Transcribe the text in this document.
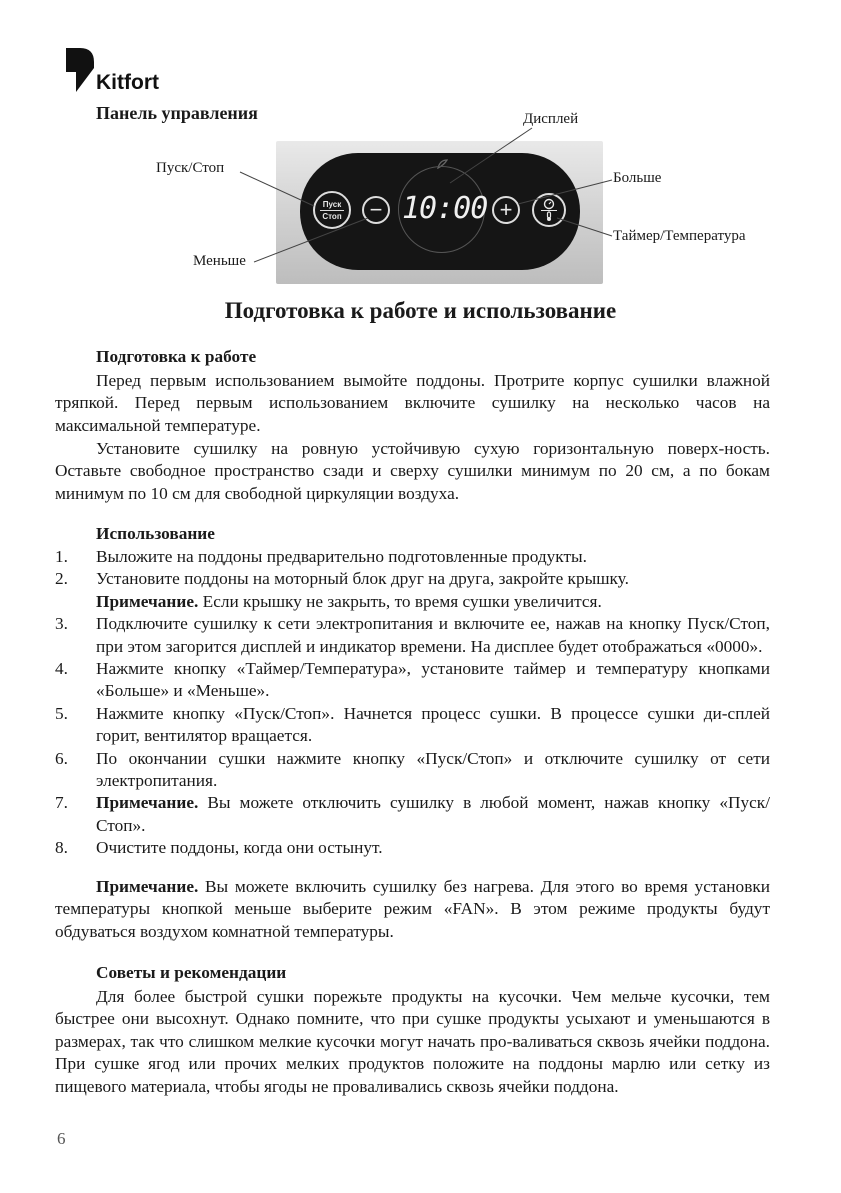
Kitfort
Панель управления
Пуск
Стоп − 10:00 +
Дисплей
Пуск/Стоп
Больше
Таймер/Температура
Меньше
Подготовка к работе и использование
Подготовка к работе

Перед первым использованием вымойте поддоны. Протрите корпус сушилки влажной тряпкой. Перед первым использованием включите сушилку на несколько часов на максимальной температуре.

Установите сушилку на ровную устойчивую сухую горизонтальную поверх-ность. Оставьте свободное пространство сзади и сверху сушилки минимум по 20 см, а по бокам минимум по 10 см для свободной циркуляции воздуха.

Использование
1. Выложите на поддоны предварительно подготовленные продукты.
2. Установите поддоны на моторный блок друг на друга, закройте крышку.
Примечание. Если крышку не закрыть, то время сушки увеличится.
3. Подключите сушилку к сети электропитания и включите ее, нажав на кнопку Пуск/Стоп, при этом загорится дисплей и индикатор времени. На дисплее будет отображаться «0000».
4. Нажмите кнопку «Таймер/Температура», установите таймер и температуру кнопками «Больше» и «Меньше».
5. Нажмите кнопку «Пуск/Стоп». Начнется процесс сушки. В процессе сушки ди-сплей горит, вентилятор вращается.
6. По окончании сушки нажмите кнопку «Пуск/Стоп» и отключите сушилку от сети электропитания.
7. Примечание. Вы можете отключить сушилку в любой момент, нажав кнопку «Пуск/Стоп».
8. Очистите поддоны, когда они остынут.

Примечание. Вы можете включить сушилку без нагрева. Для этого во время установки температуры кнопкой меньше выберите режим «FAN». В этом режиме продукты будут обдуваться воздухом комнатной температуры.

Советы и рекомендации

Для более быстрой сушки порежьте продукты на кусочки. Чем мельче кусочки, тем быстрее они высохнут. Однако помните, что при сушке продукты усыхают и уменьшаются в размерах, так что слишком мелкие кусочки могут начать про-валиваться сквозь ячейки поддона. При сушке ягод или прочих мелких продуктов положите на поддоны марлю или сетку из пищевого материала, чтобы ягоды не проваливались сквозь ячейки поддона.

6
